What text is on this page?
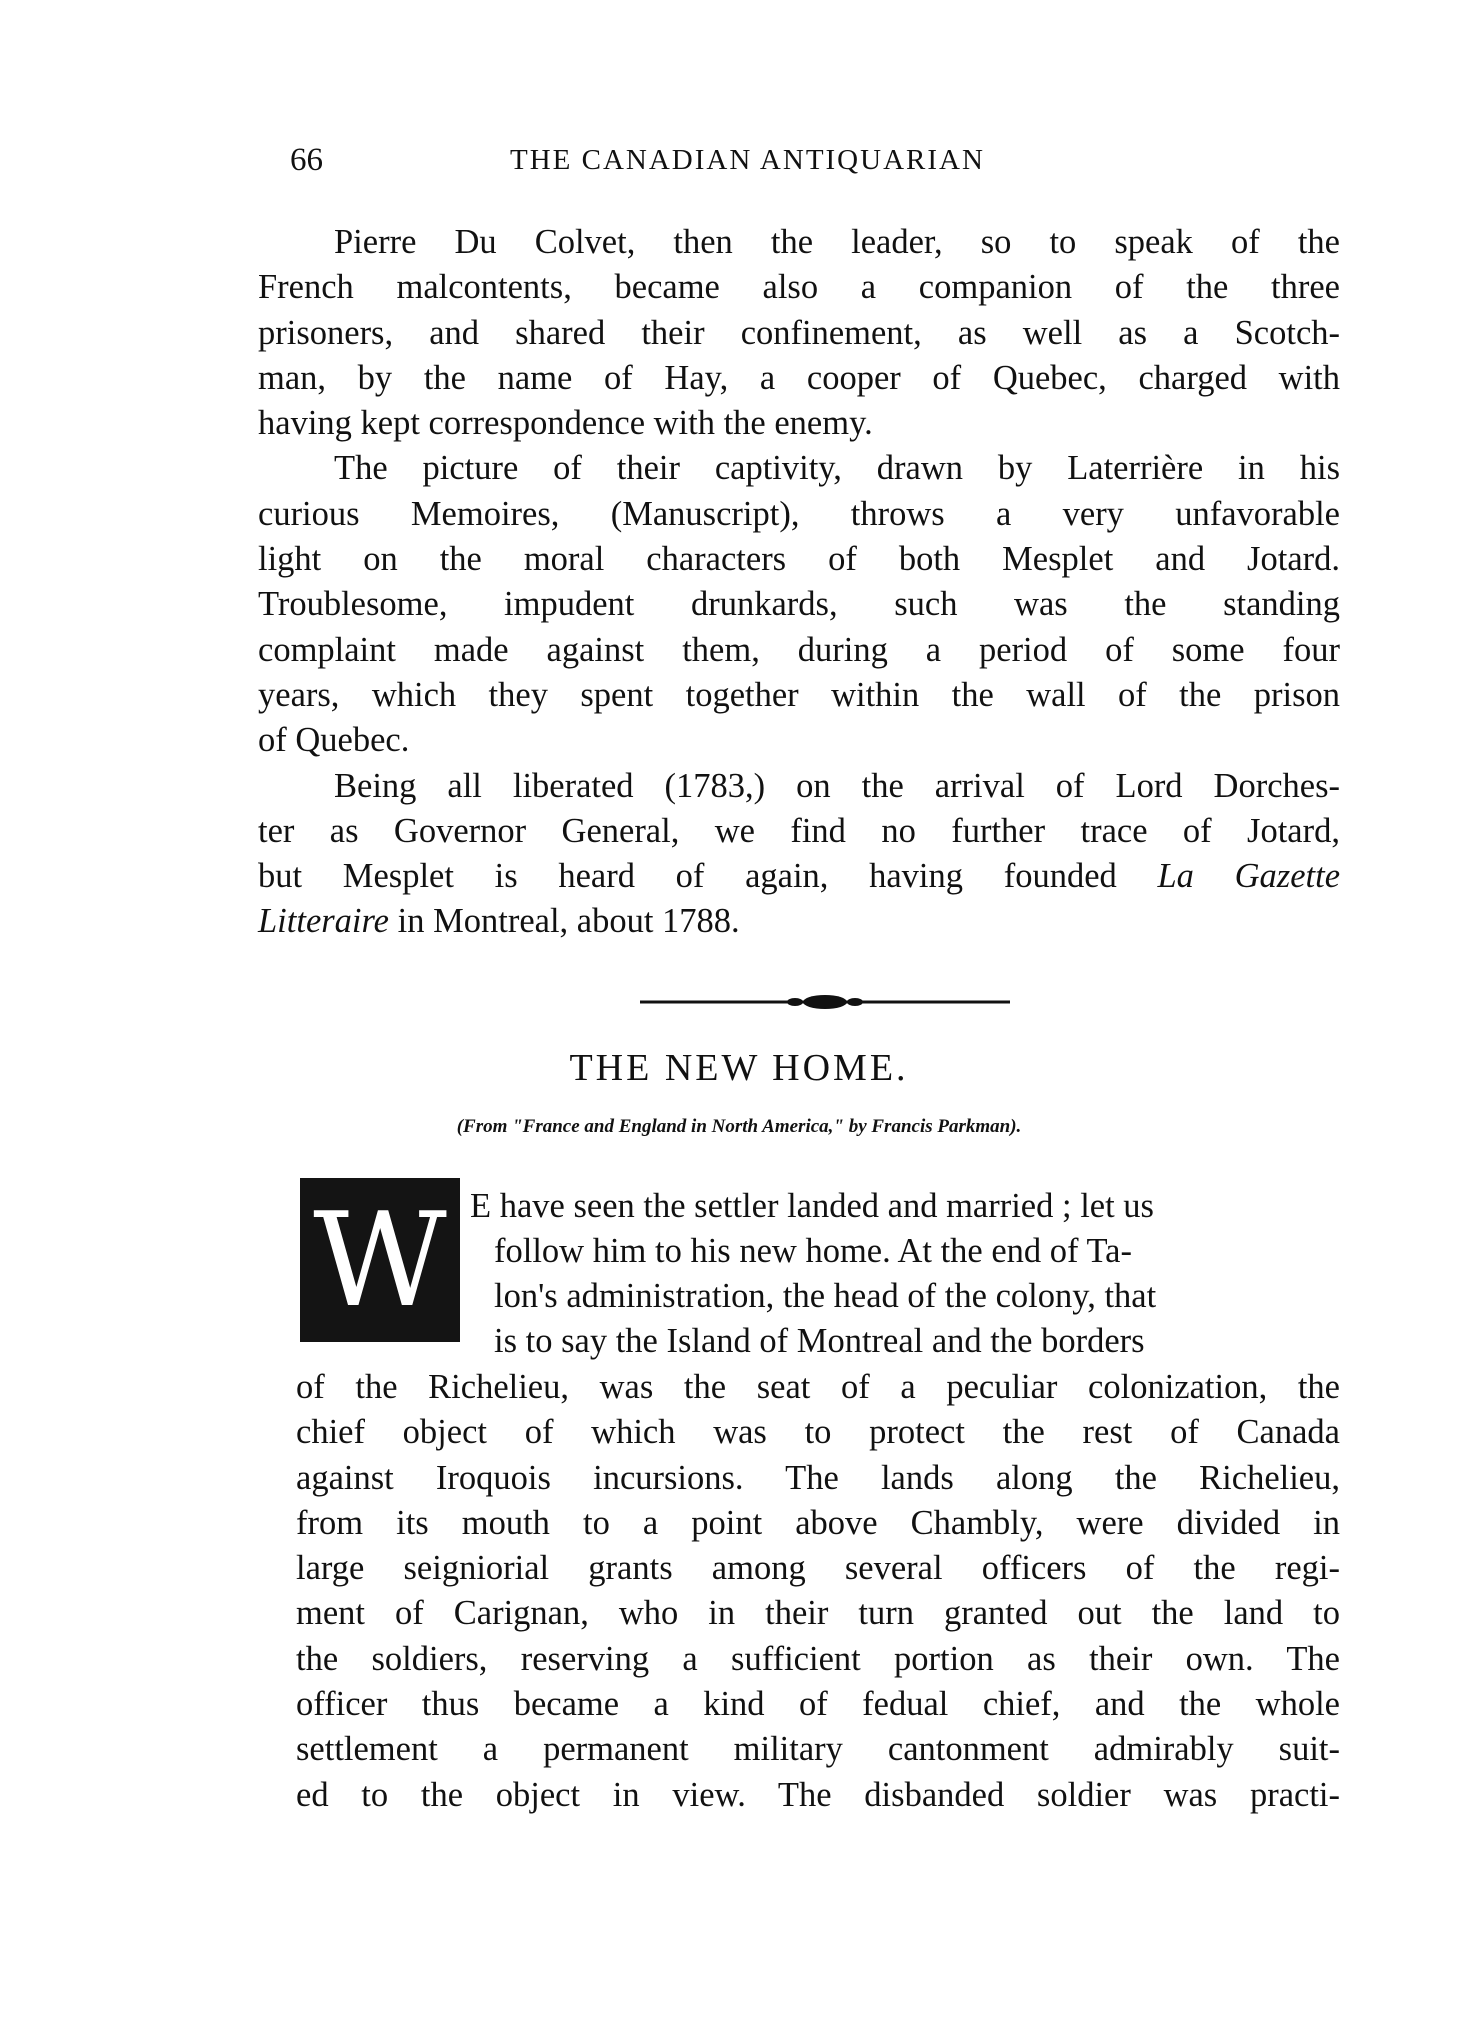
66	THE CANADIAN ANTIQUARIAN

Pierre Du Colvet, then the leader, so to speak of the
French malcontents, became also a companion of the three
prisoners, and shared their confinement, as well as a Scotch-
man, by the name of Hay, a cooper of Quebec, charged with
having kept correspondence with the enemy.

The picture of their captivity, drawn by Laterrière in his
curious Memoires, (Manuscript), throws a very unfavorable
light on the moral characters of both Mesplet and Jotard.
Troublesome, impudent drunkards, such was the standing
complaint made against them, during a period of some four
years, which they spent together within the wall of the prison
of Quebec.

Being all liberated (1783,) on the arrival of Lord Dorches-
ter as Governor General, we find no further trace of Jotard,
but Mesplet is heard of again, having founded La Gazette
Litteraire in Montreal, about 1788.

THE NEW HOME.
(From "France and England in North America," by Francis Parkman).
W E have seen the settler landed and married ; let us
follow him to his new home. At the end of Ta-
lon's administration, the head of the colony, that
is to say the Island of Montreal and the borders
of the Richelieu, was the seat of a peculiar colonization, the
chief object of which was to protect the rest of Canada
against Iroquois incursions. The lands along the Richelieu,
from its mouth to a point above Chambly, were divided in
large seigniorial grants among several officers of the regi-
ment of Carignan, who in their turn granted out the land to
the soldiers, reserving a sufficient portion as their own. The
officer thus became a kind of fedual chief, and the whole
settlement a permanent military cantonment admirably suit-
ed to the object in view. The disbanded soldier was practi-
